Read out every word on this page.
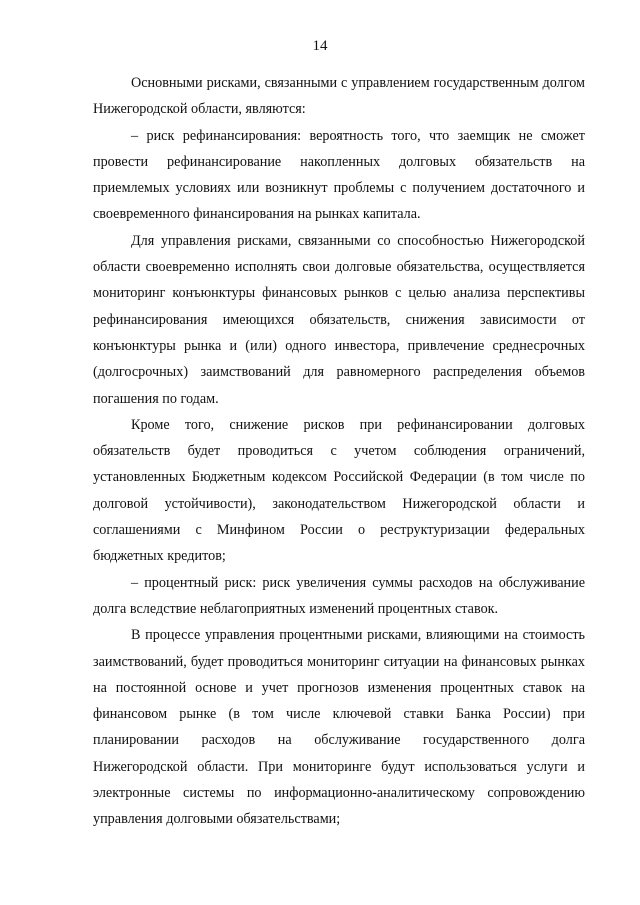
14

Основными рисками, связанными с управлением государственным долгом Нижегородской области, являются:

– риск рефинансирования: вероятность того, что заемщик не сможет провести рефинансирование накопленных долговых обязательств на приемлемых условиях или возникнут проблемы с получением достаточного и своевременного финансирования на рынках капитала.

Для управления рисками, связанными со способностью Нижегородской области своевременно исполнять свои долговые обязательства, осуществляется мониторинг конъюнктуры финансовых рынков с целью анализа перспективы рефинансирования имеющихся обязательств, снижения зависимости от конъюнктуры рынка и (или) одного инвестора, привлечение среднесрочных (долгосрочных) заимствований для равномерного распределения объемов погашения по годам.

Кроме того, снижение рисков при рефинансировании долговых обязательств будет проводиться с учетом соблюдения ограничений, установленных Бюджетным кодексом Российской Федерации (в том числе по долговой устойчивости), законодательством Нижегородской области и соглашениями с Минфином России о реструктуризации федеральных бюджетных кредитов;

– процентный риск: риск увеличения суммы расходов на обслуживание долга вследствие неблагоприятных изменений процентных ставок.

В процессе управления процентными рисками, влияющими на стоимость заимствований, будет проводиться мониторинг ситуации на финансовых рынках на постоянной основе и учет прогнозов изменения процентных ставок на финансовом рынке (в том числе ключевой ставки Банка России) при планировании расходов на обслуживание государственного долга Нижегородской области. При мониторинге будут использоваться услуги и электронные системы по информационно-аналитическому сопровождению управления долговыми обязательствами;
